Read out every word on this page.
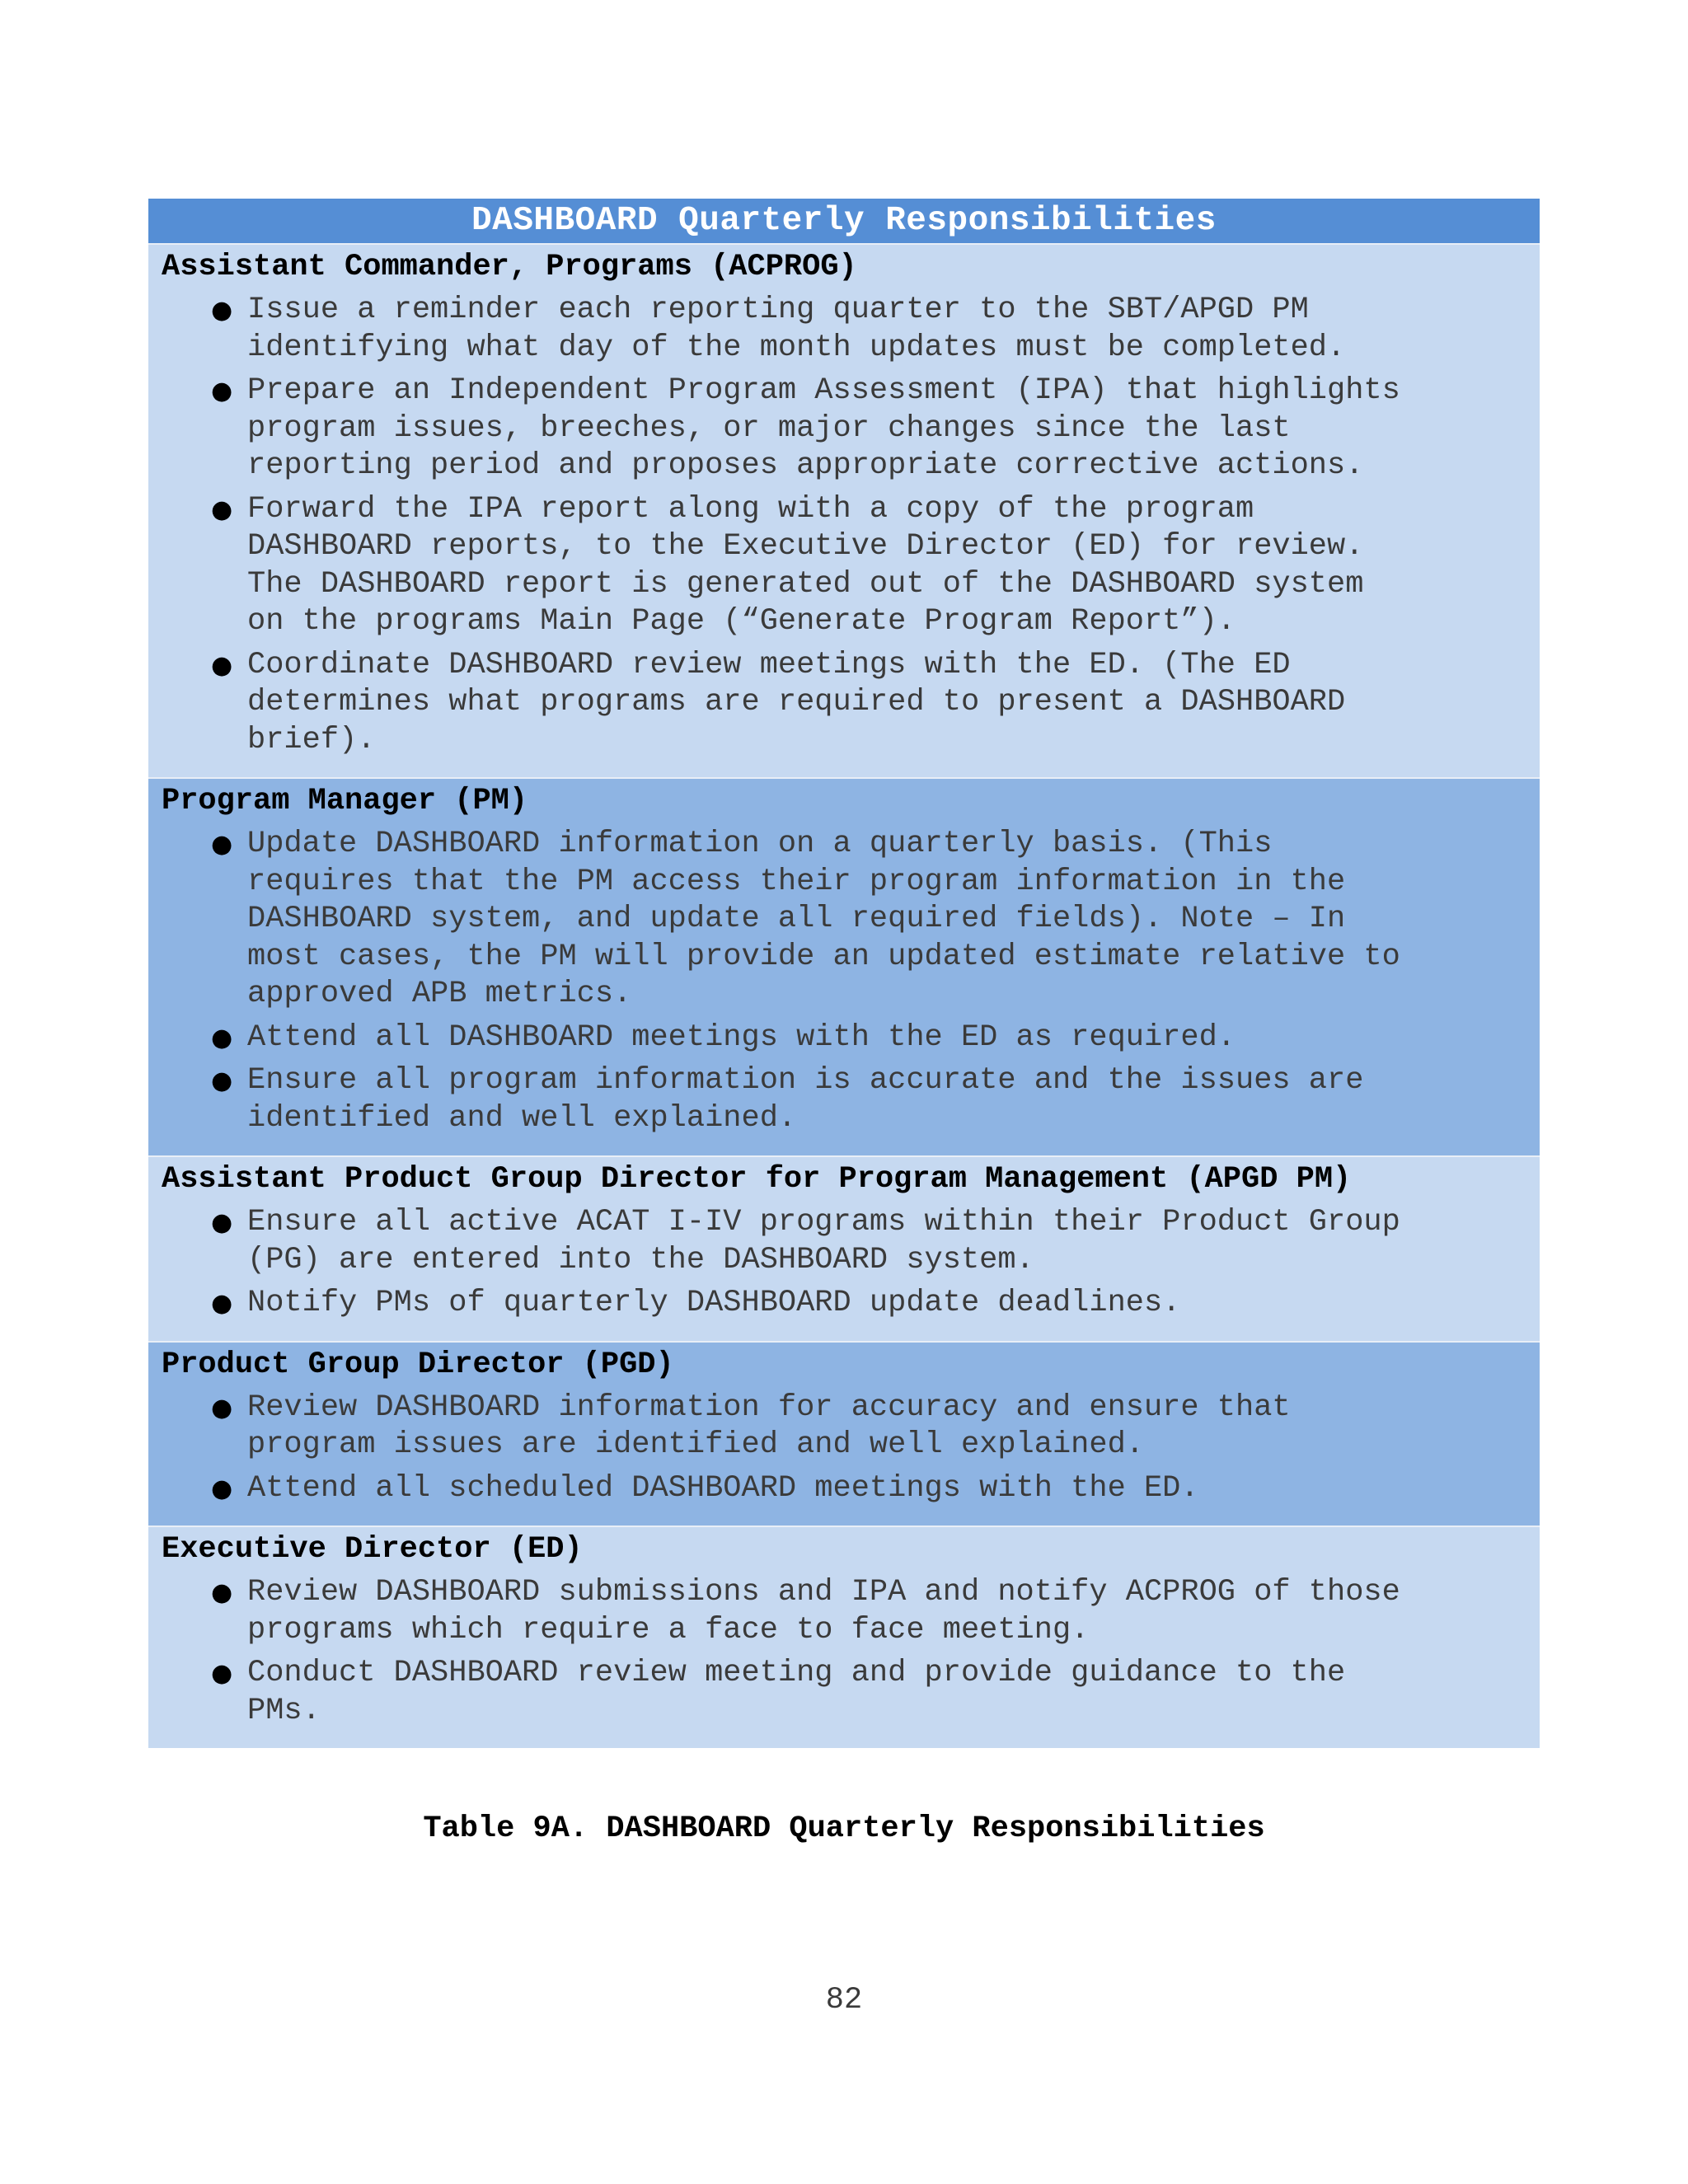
DASHBOARD Quarterly Responsibilities
Assistant Commander, Programs (ACPROG)
● Issue a reminder each reporting quarter to the SBT/APGD PM
identifying what day of the month updates must be completed.
● Prepare an Independent Program Assessment (IPA) that highlights
program issues, breeches, or major changes since the last
reporting period and proposes appropriate corrective actions.
● Forward the IPA report along with a copy of the program
DASHBOARD reports, to the Executive Director (ED) for review.
The DASHBOARD report is generated out of the DASHBOARD system
on the programs Main Page (“Generate Program Report”).
● Coordinate DASHBOARD review meetings with the ED. (The ED
determines what programs are required to present a DASHBOARD
brief).
Program Manager (PM)
● Update DASHBOARD information on a quarterly basis. (This
requires that the PM access their program information in the
DASHBOARD system, and update all required fields). Note – In
most cases, the PM will provide an updated estimate relative to
approved APB metrics.
● Attend all DASHBOARD meetings with the ED as required.
● Ensure all program information is accurate and the issues are
identified and well explained.
Assistant Product Group Director for Program Management (APGD PM)
● Ensure all active ACAT I-IV programs within their Product Group
(PG) are entered into the DASHBOARD system.
● Notify PMs of quarterly DASHBOARD update deadlines.
Product Group Director (PGD)
● Review DASHBOARD information for accuracy and ensure that
program issues are identified and well explained.
● Attend all scheduled DASHBOARD meetings with the ED.
Executive Director (ED)
● Review DASHBOARD submissions and IPA and notify ACPROG of those
programs which require a face to face meeting.
● Conduct DASHBOARD review meeting and provide guidance to the
PMs.
Table 9A. DASHBOARD Quarterly Responsibilities
82
